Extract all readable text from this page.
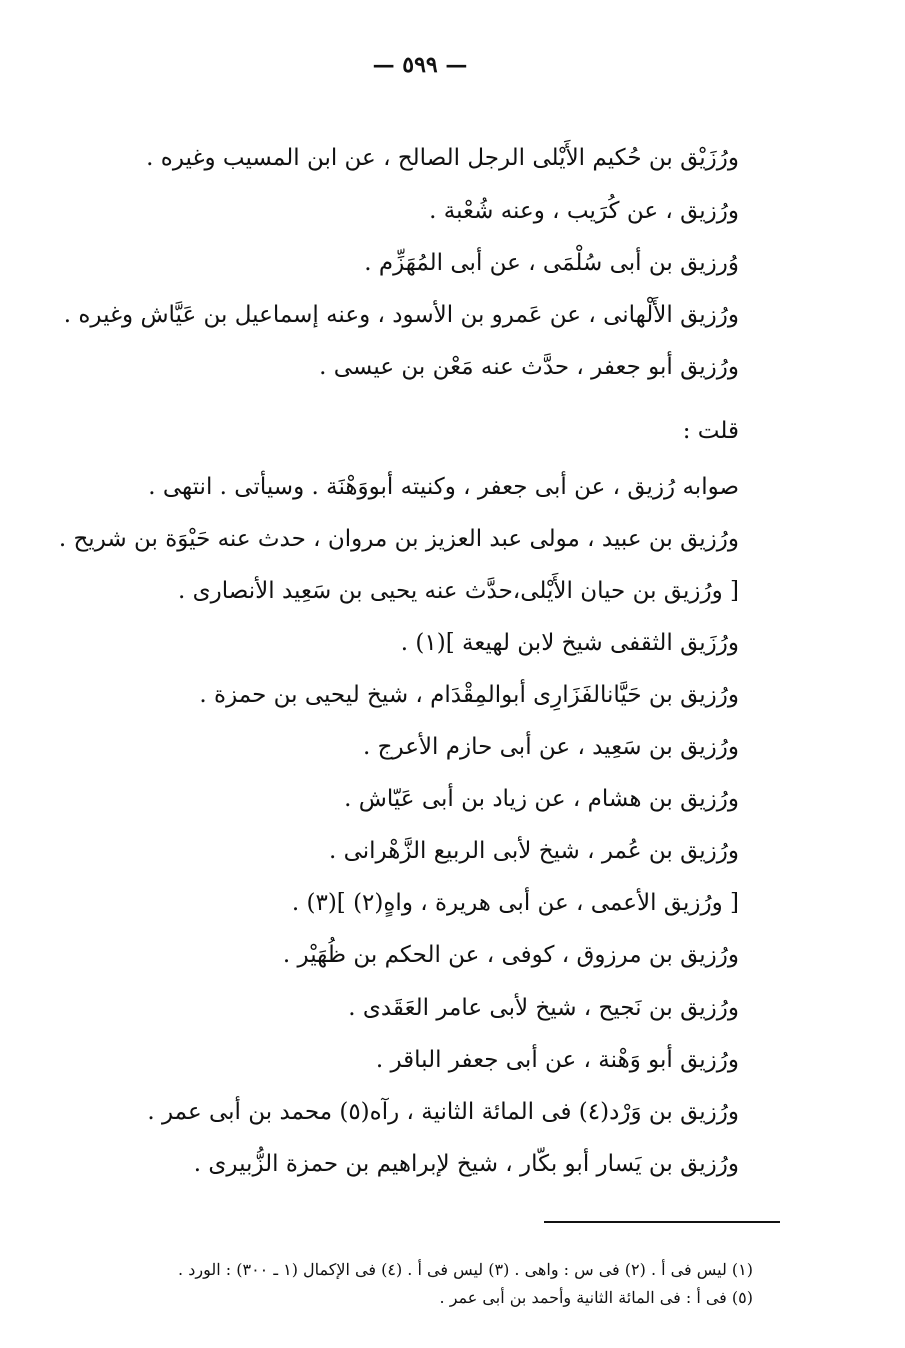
— ٥٩٩ —
ورُزَيْق بن حُكيم الأَيْلى الرجل الصالح ، عن ابن المسيب وغيره .
ورُزيق ، عن كُرَيب ، وعنه شُعْبة .
وُرزيق بن أبى سُلْمَى ، عن أبى المُهَزِّم .
ورُزيق الأَلْهانى ، عن عَمرو بن الأسود ، وعنه إسماعيل بن عَيَّاش وغيره .
ورُزيق أبو جعفر ، حدَّث عنه مَعْن بن عيسى .
قلت :
صوابه رُزيق ، عن أبى جعفر ، وكنيته أبووَهْنَة . وسيأتى . انتهى .
ورُزيق بن عبيد ، مولى عبد العزيز بن مروان ، حدث عنه حَيْوَة بن شريح .
[ ورُزيق بن حيان الأَيْلى،حدَّث عنه يحيى بن سَعِيد الأنصارى .
ورُزَيق الثقفى شيخ لابن لهيعة ](١) .
ورُزيق بن حَيَّانالفَزَارِى أبوالمِقْدَام ، شيخ ليحيى بن حمزة .
ورُزيق بن سَعِيد ، عن أبى حازم الأعرج .
ورُزيق بن هشام ، عن زياد بن أبى عَيّاش .
ورُزيق بن عُمر ، شيخ لأبى الربيع الزَّهْرانى .
[ ورُزيق الأعمى ، عن أبى هريرة ، واهٍ(٢) ](٣) .
ورُزيق بن مرزوق ، كوفى ، عن الحكم بن ظُهَيْر .
ورُزيق بن نَجيح ، شيخ لأبى عامر العَقَدى .
ورُزيق أبو وَهْنة ، عن أبى جعفر الباقر .
ورُزيق بن وَرْد(٤) فى المائة الثانية ، رآه(٥) محمد بن أبى عمر .
ورُزيق بن يَسار أبو بكّار ، شيخ لإبراهيم بن حمزة الزُّبيرى .
(١) ليس فى أ . (٢) فى س : واهى . (٣) ليس فى أ . (٤) فى الإكمال (١ ـ ٣٠٠) : الورد .
(٥) فى أ : فى المائة الثانية وأحمد بن أبى عمر .
